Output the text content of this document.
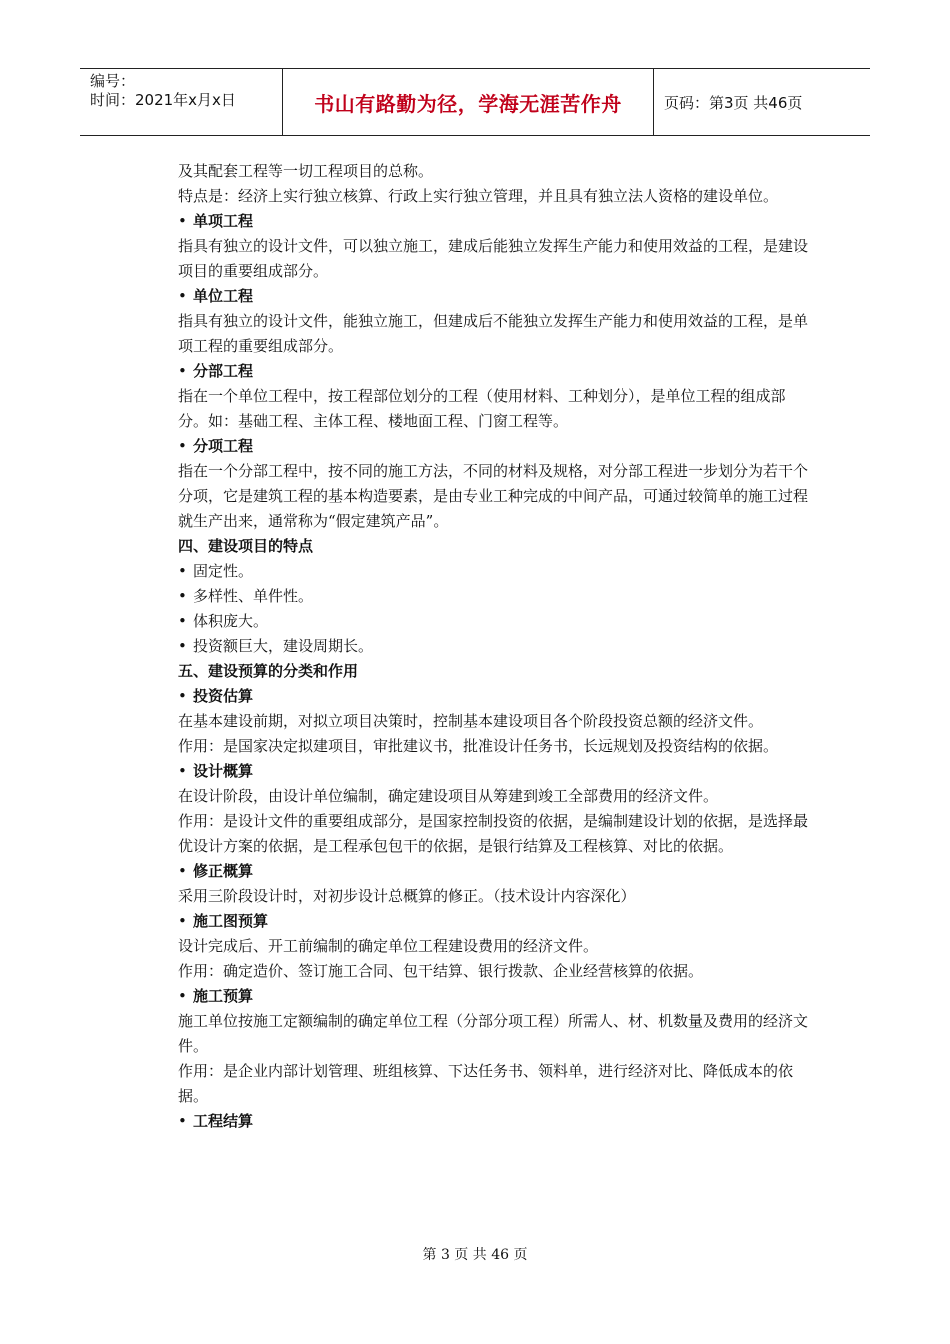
编号：
时间：2021年x月x日	书山有路勤为径，学海无涯苦作舟	页码：第3页 共46页

及其配套工程等一切工程项目的总称。

特点是：经济上实行独立核算、行政上实行独立管理，并且具有独立法人资格的建设单位。

• 单项工程

指具有独立的设计文件，可以独立施工，建成后能独立发挥生产能力和使用效益的工程，是建设项目的重要组成部分。

• 单位工程

指具有独立的设计文件，能独立施工，但建成后不能独立发挥生产能力和使用效益的工程，是单项工程的重要组成部分。

• 分部工程

指在一个单位工程中，按工程部位划分的工程（使用材料、工种划分），是单位工程的组成部分。如：基础工程、主体工程、楼地面工程、门窗工程等。

• 分项工程

指在一个分部工程中，按不同的施工方法，不同的材料及规格，对分部工程进一步划分为若干个分项，它是建筑工程的基本构造要素，是由专业工种完成的中间产品，可通过较简单的施工过程就生产出来，通常称为“假定建筑产品”。

四、建设项目的特点

• 固定性。

• 多样性、单件性。

• 体积庞大。

• 投资额巨大，建设周期长。

五、建设预算的分类和作用

• 投资估算

在基本建设前期，对拟立项目决策时，控制基本建设项目各个阶段投资总额的经济文件。

作用：是国家决定拟建项目，审批建议书，批准设计任务书，长远规划及投资结构的依据。

• 设计概算

在设计阶段，由设计单位编制，确定建设项目从筹建到竣工全部费用的经济文件。

作用：是设计文件的重要组成部分，是国家控制投资的依据，是编制建设计划的依据，是选择最优设计方案的依据，是工程承包包干的依据，是银行结算及工程核算、对比的依据。

• 修正概算

采用三阶段设计时，对初步设计总概算的修正。（技术设计内容深化）

• 施工图预算

设计完成后、开工前编制的确定单位工程建设费用的经济文件。

作用：确定造价、签订施工合同、包干结算、银行拨款、企业经营核算的依据。

• 施工预算

施工单位按施工定额编制的确定单位工程（分部分项工程）所需人、材、机数量及费用的经济文件。

作用：是企业内部计划管理、班组核算、下达任务书、领料单，进行经济对比、降低成本的依据。

• 工程结算

第 3 页 共 46 页
